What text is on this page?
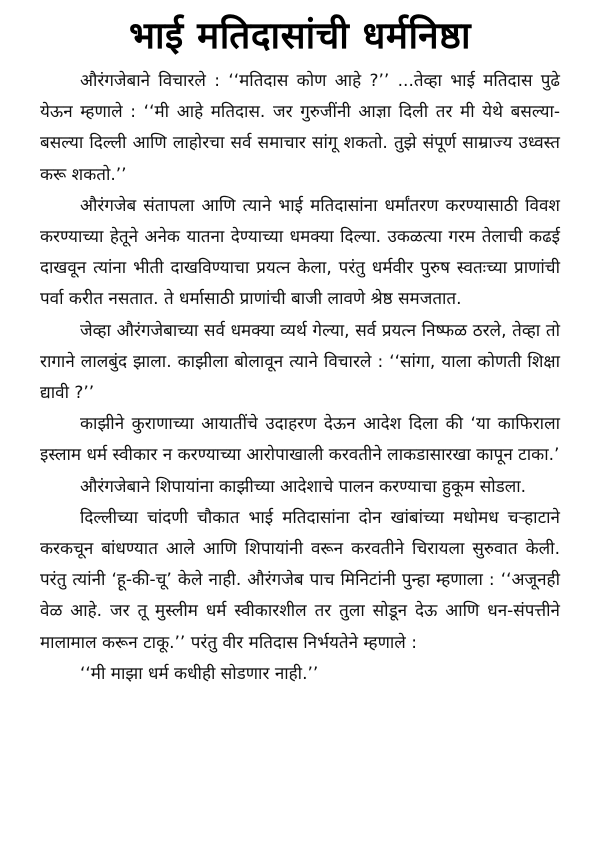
भाई मतिदासांची धर्मनिष्ठा

औरंगजेबाने विचारले : ‘‘मतिदास कोण आहे ?’’ ...तेव्हा भाई मतिदास पुढे येऊन म्हणाले : ‘‘मी आहे मतिदास. जर गुरुजींनी आज्ञा दिली तर मी येथे बसल्या-बसल्या दिल्ली आणि लाहोरचा सर्व समाचार सांगू शकतो. तुझे संपूर्ण साम्राज्य उध्वस्त करू शकतो.’’

औरंगजेब संतापला आणि त्याने भाई मतिदासांना धर्मांतरण करण्यासाठी विवश करण्याच्या हेतूने अनेक यातना देण्याच्या धमक्या दिल्या. उकळत्या गरम तेलाची कढई दाखवून त्यांना भीती दाखविण्याचा प्रयत्न केला, परंतु धर्मवीर पुरुष स्वतःच्या प्राणांची पर्वा करीत नसतात. ते धर्मासाठी प्राणांची बाजी लावणे श्रेष्ठ समजतात.

जेव्हा औरंगजेबाच्या सर्व धमक्या व्यर्थ गेल्या, सर्व प्रयत्न निष्फळ ठरले, तेव्हा तो रागाने लालबुंद झाला. काझीला बोलावून त्याने विचारले : ‘‘सांगा, याला कोणती शिक्षा द्यावी ?’’

काझीने कुराणाच्या आयातींचे उदाहरण देऊन आदेश दिला की ‘या काफिराला इस्लाम धर्म स्वीकार न करण्याच्या आरोपाखाली करवतीने लाकडासारखा कापून टाका.’

औरंगजेबाने शिपायांना काझीच्या आदेशाचे पालन करण्याचा हुकूम सोडला.

दिल्लीच्या चांदणी चौकात भाई मतिदासांना दोन खांबांच्या मधोमध चऱ्हाटाने करकचून बांधण्यात आले आणि शिपायांनी वरून करवतीने चिरायला सुरुवात केली. परंतु त्यांनी ‘हू-की-चू’ केले नाही. औरंगजेब पाच मिनिटांनी पुन्हा म्हणाला : ‘‘अजूनही वेळ आहे. जर तू मुस्लीम धर्म स्वीकारशील तर तुला सोडून देऊ आणि धन-संपत्तीने मालामाल करून टाकू.’’ परंतु वीर मतिदास निर्भयतेने म्हणाले :

‘‘मी माझा धर्म कधीही सोडणार नाही.’’
